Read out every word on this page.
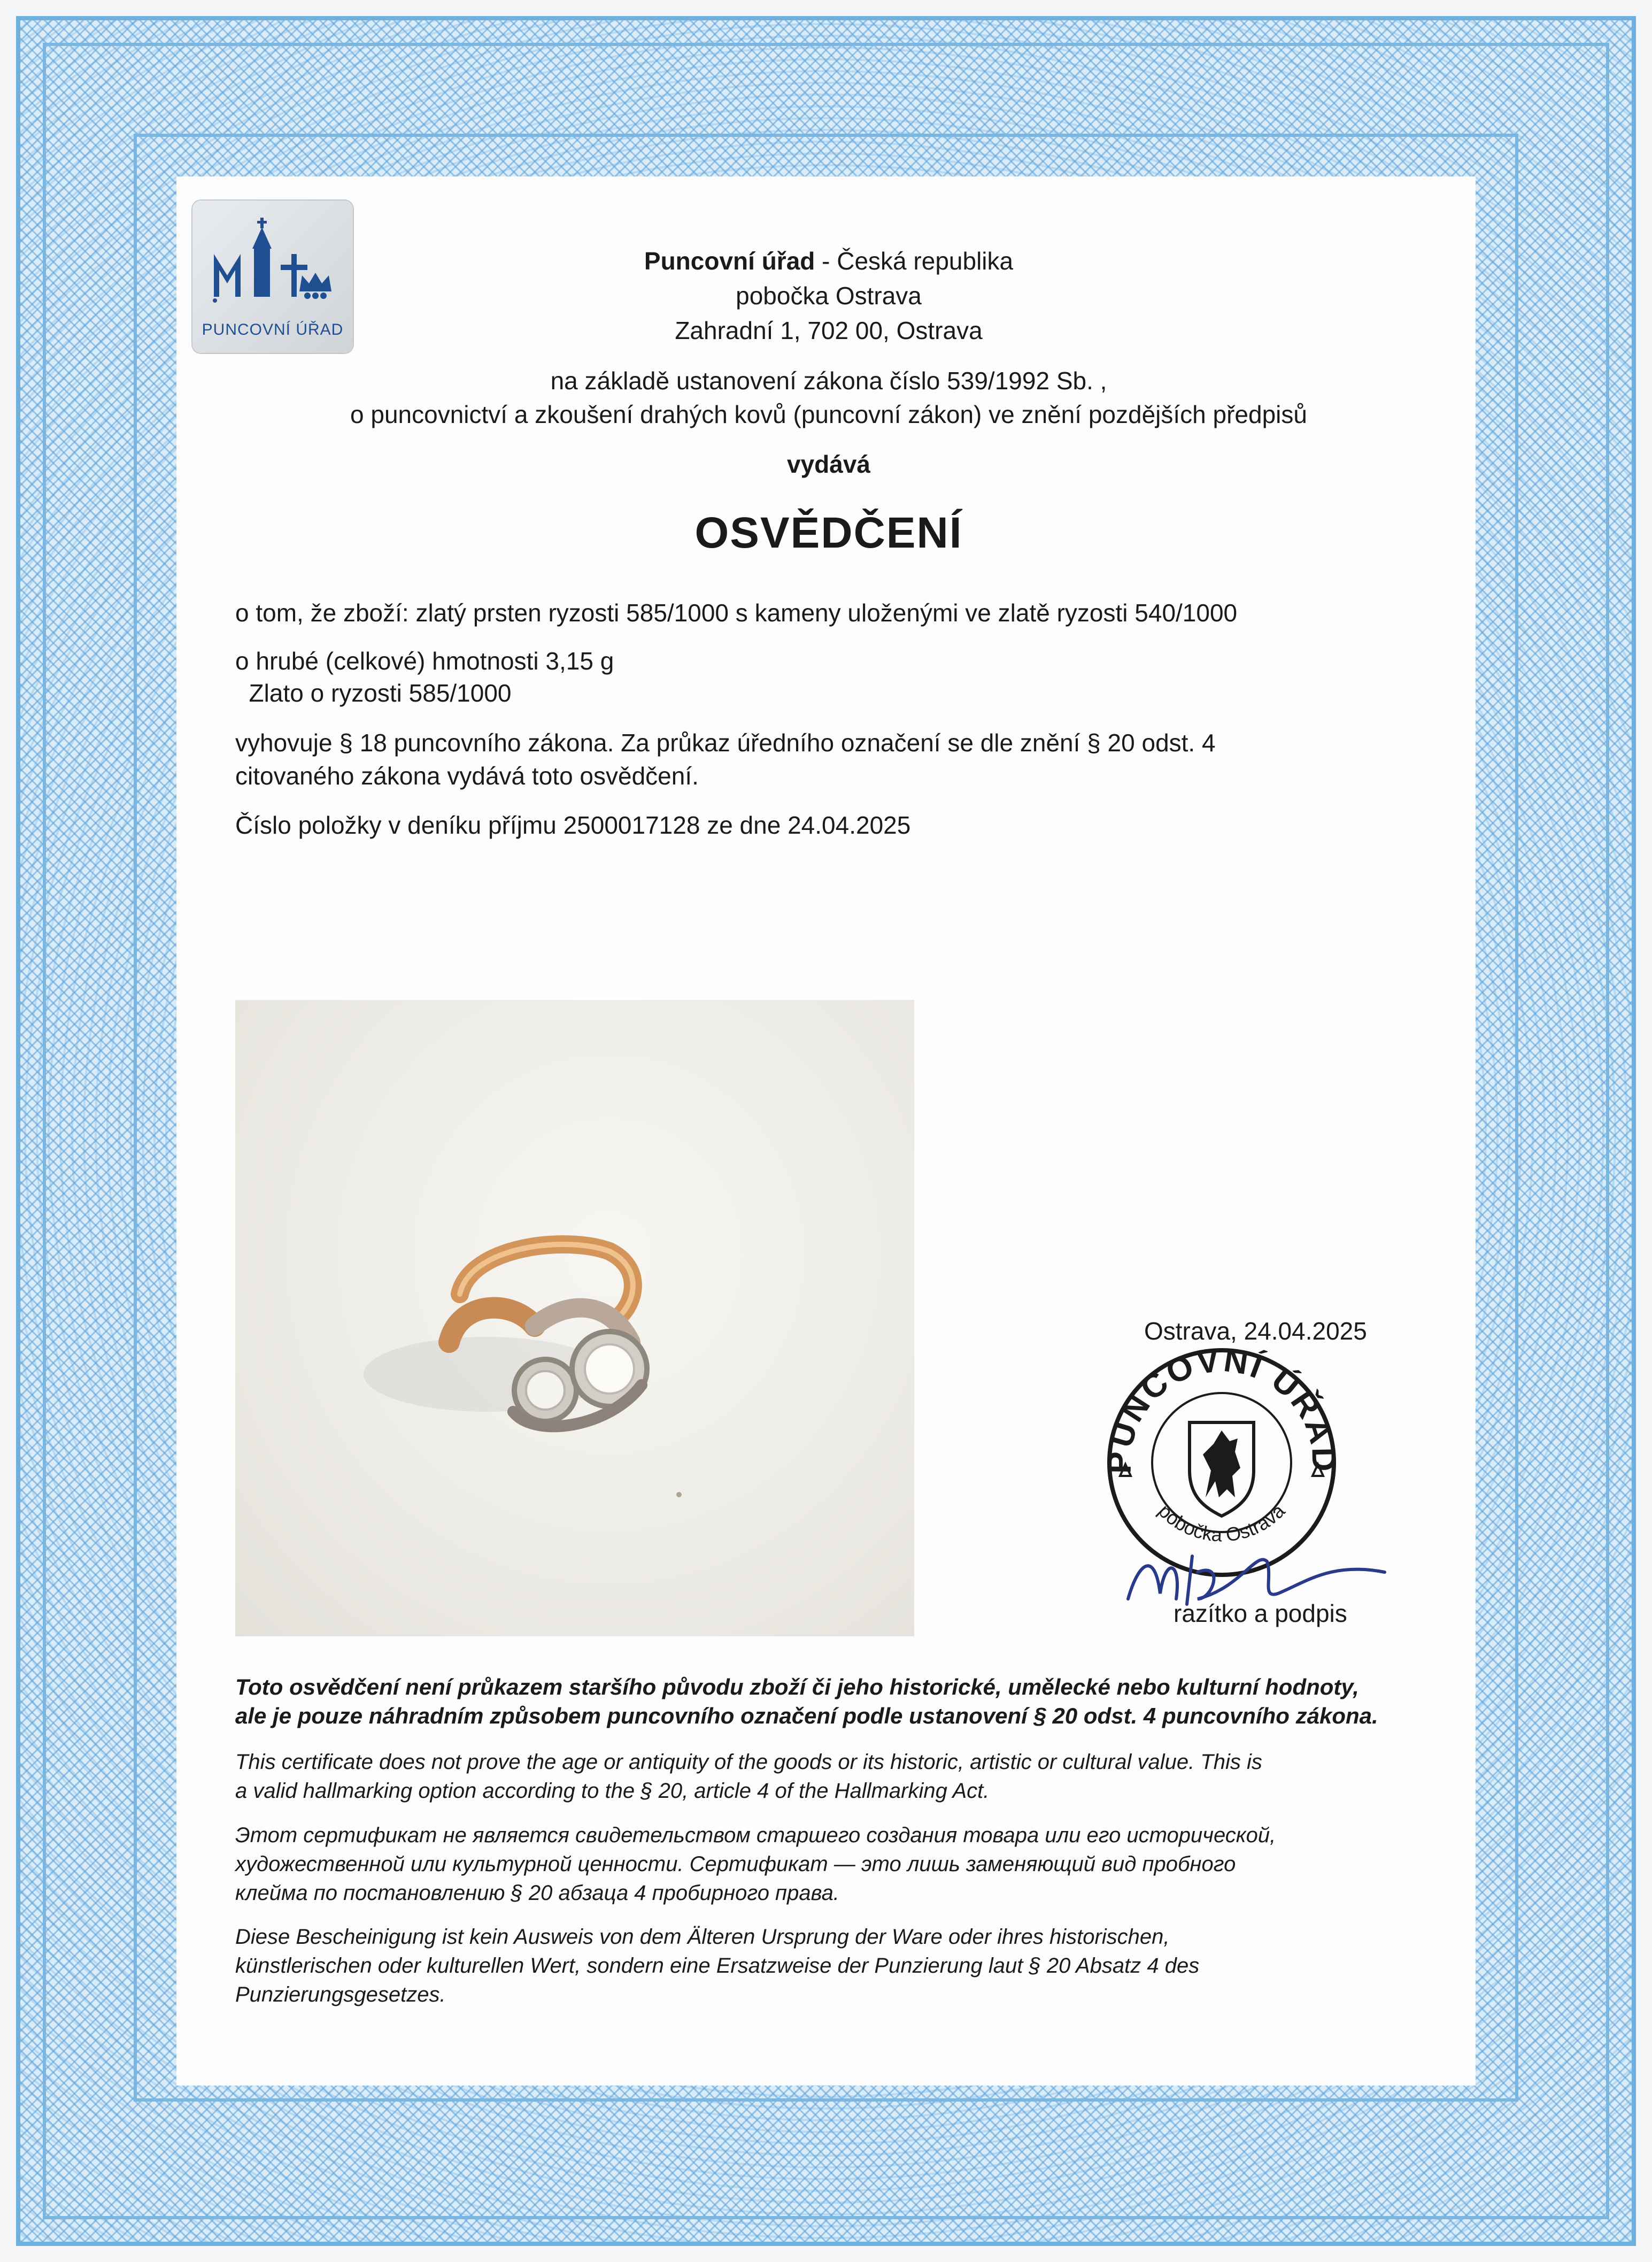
PUNCOVNÍ ÚŘAD
Puncovní úřad - Česká republika
pobočka Ostrava
Zahradní 1, 702 00, Ostrava
na základě ustanovení zákona číslo 539/1992 Sb. ,
o puncovnictví a zkoušení drahých kovů (puncovní zákon) ve znění pozdějších předpisů
vydává
OSVĚDČENÍ
o tom, že zboží: zlatý prsten ryzosti 585/1000 s kameny uloženými ve zlatě ryzosti 540/1000
o hrubé (celkové) hmotnosti 3,15 g
Zlato o ryzosti 585/1000
vyhovuje § 18 puncovního zákona. Za průkaz úředního označení se dle znění § 20 odst. 4
citovaného zákona vydává toto osvědčení.
Číslo položky v deníku příjmu 2500017128 ze dne 24.04.2025
Ostrava, 24.04.2025
PUNCOVNÍ ÚŘAD
pobočka Ostrava
razítko a podpis
Toto osvědčení není průkazem staršího původu zboží či jeho historické, umělecké nebo kulturní hodnoty,
ale je pouze náhradním způsobem puncovního označení podle ustanovení § 20 odst. 4 puncovního zákona.
This certificate does not prove the age or antiquity of the goods or its historic, artistic or cultural value. This is
a valid hallmarking option according to the § 20, article 4 of the Hallmarking Act.
Этот сертификат не является свидетельством старшего создания товара или его исторической,
художественной или культурной ценности. Сертификат — это лишь заменяющий вид пробного
клейма по постановлению § 20 абзаца 4 пробирного права.
Diese Bescheinigung ist kein Ausweis von dem Älteren Ursprung der Ware oder ihres historischen,
künstlerischen oder kulturellen Wert, sondern eine Ersatzweise der Punzierung laut § 20 Absatz 4 des
Punzierungsgesetzes.
